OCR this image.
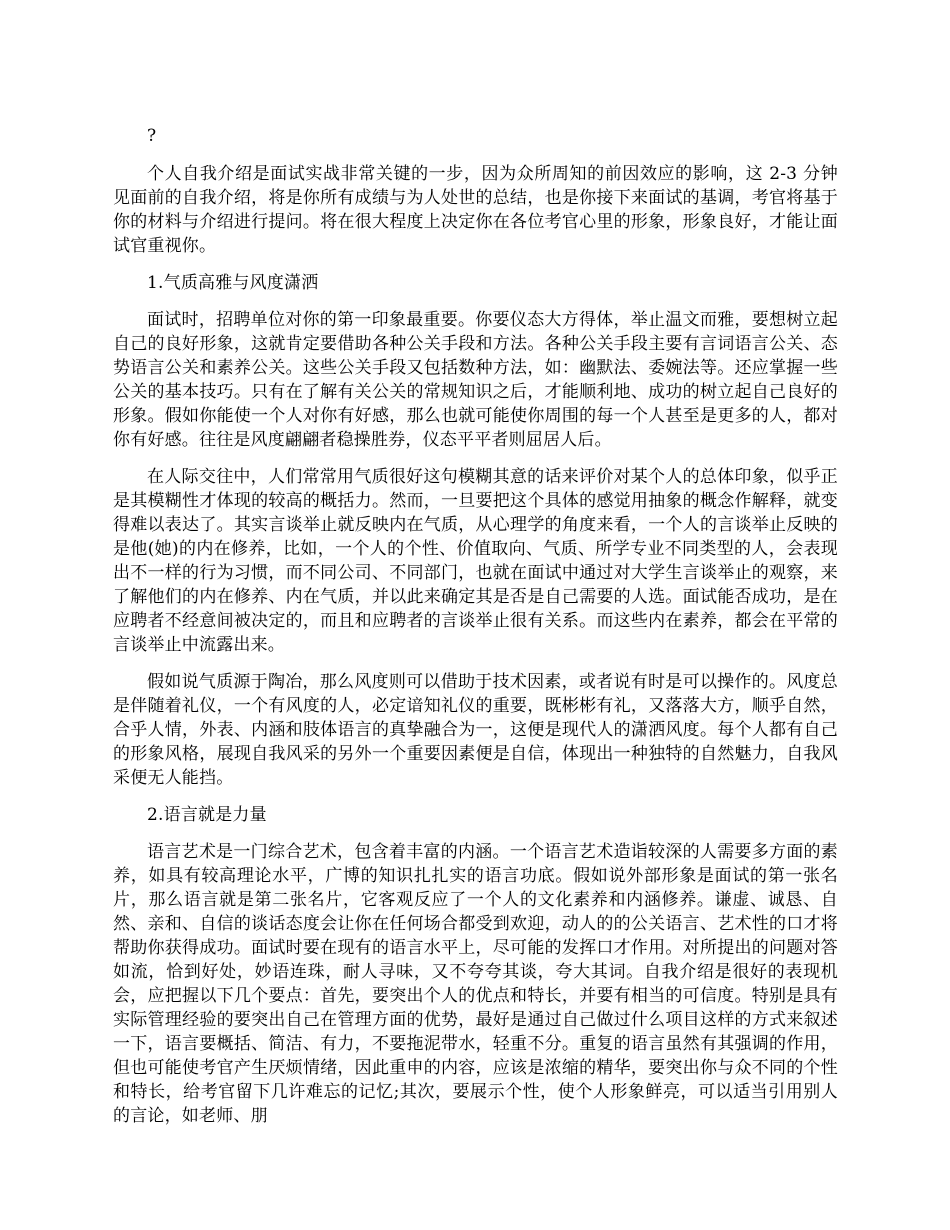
?

个人自我介绍是面试实战非常关键的一步，因为众所周知的前因效应的影响，这 2-3 分钟见面前的自我介绍，将是你所有成绩与为人处世的总结，也是你接下来面试的基调，考官将基于你的材料与介绍进行提问。将在很大程度上决定你在各位考官心里的形象，形象良好，才能让面试官重视你。

1.气质高雅与风度潇洒

面试时，招聘单位对你的第一印象最重要。你要仪态大方得体，举止温文而雅，要想树立起自己的良好形象，这就肯定要借助各种公关手段和方法。各种公关手段主要有言词语言公关、态势语言公关和素养公关。这些公关手段又包括数种方法，如：幽默法、委婉法等。还应掌握一些公关的基本技巧。只有在了解有关公关的常规知识之后，才能顺利地、成功的树立起自己良好的形象。假如你能使一个人对你有好感，那么也就可能使你周围的每一个人甚至是更多的人，都对你有好感。往往是风度翩翩者稳操胜券，仪态平平者则屈居人后。

在人际交往中，人们常常用气质很好这句模糊其意的话来评价对某个人的总体印象，似乎正是其模糊性才体现的较高的概括力。然而，一旦要把这个具体的感觉用抽象的概念作解释，就变得难以表达了。其实言谈举止就反映内在气质，从心理学的角度来看，一个人的言谈举止反映的是他(她)的内在修养，比如，一个人的个性、价值取向、气质、所学专业不同类型的人，会表现出不一样的行为习惯，而不同公司、不同部门，也就在面试中通过对大学生言谈举止的观察，来了解他们的内在修养、内在气质，并以此来确定其是否是自己需要的人选。面试能否成功，是在应聘者不经意间被决定的，而且和应聘者的言谈举止很有关系。而这些内在素养，都会在平常的言谈举止中流露出来。

假如说气质源于陶冶，那么风度则可以借助于技术因素，或者说有时是可以操作的。风度总是伴随着礼仪，一个有风度的人，必定谙知礼仪的重要，既彬彬有礼，又落落大方，顺乎自然，合乎人情，外表、内涵和肢体语言的真挚融合为一，这便是现代人的潇洒风度。每个人都有自己的形象风格，展现自我风采的另外一个重要因素便是自信，体现出一种独特的自然魅力，自我风采便无人能挡。

2.语言就是力量

语言艺术是一门综合艺术，包含着丰富的内涵。一个语言艺术造诣较深的人需要多方面的素养，如具有较高理论水平，广博的知识扎扎实的语言功底。假如说外部形象是面试的第一张名片，那么语言就是第二张名片，它客观反应了一个人的文化素养和内涵修养。谦虚、诚恳、自然、亲和、自信的谈话态度会让你在任何场合都受到欢迎，动人的的公关语言、艺术性的口才将帮助你获得成功。面试时要在现有的语言水平上，尽可能的发挥口才作用。对所提出的问题对答如流，恰到好处，妙语连珠，耐人寻味，又不夸夸其谈，夸大其词。自我介绍是很好的表现机会，应把握以下几个要点：首先，要突出个人的优点和特长，并要有相当的可信度。特别是具有实际管理经验的要突出自己在管理方面的优势，最好是通过自己做过什么项目这样的方式来叙述一下，语言要概括、简洁、有力，不要拖泥带水，轻重不分。重复的语言虽然有其强调的作用，但也可能使考官产生厌烦情绪，因此重申的内容，应该是浓缩的精华，要突出你与众不同的个性和特长，给考官留下几许难忘的记忆;其次，要展示个性，使个人形象鲜亮，可以适当引用别人的言论，如老师、朋
